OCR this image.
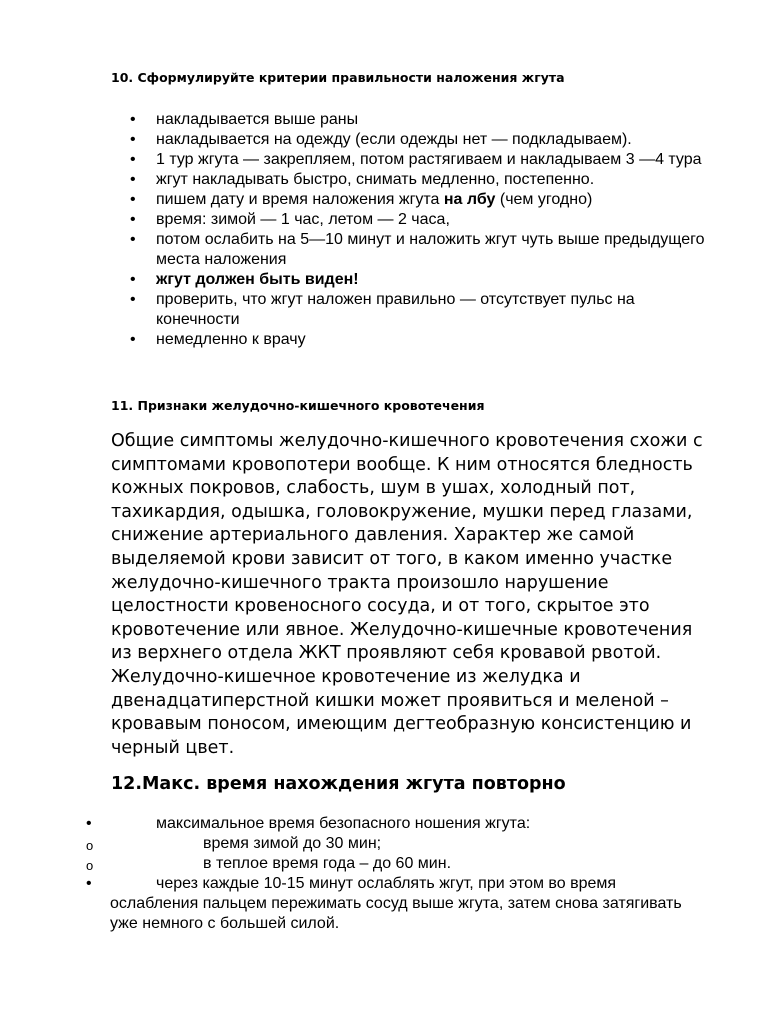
10. Сформулируйте критерии правильности наложения жгута
• накладывается выше раны
• накладывается на одежду (если одежды нет — подкладываем).
• 1 тур жгута — закрепляем, потом растягиваем и накладываем 3 —4 тура
• жгут накладывать быстро, снимать медленно, постепенно.
• пишем дату и время наложения жгута на лбу (чем угодно)
• время: зимой — 1 час, летом — 2 часа,
• потом ослабить на 5—10 минут и наложить жгут чуть выше предыдущего места наложения
• жгут должен быть виден!
• проверить, что жгут наложен правильно — отсутствует пульс на конечности
• немедленно к врачу
11. Признаки желудочно-кишечного кровотечения

Общие симптомы желудочно-кишечного кровотечения схожи с симптомами кровопотери вообще. К ним относятся бледность кожных покровов, слабость, шум в ушах, холодный пот, тахикардия, одышка, головокружение, мушки перед глазами, снижение артериального давления. Характер же самой выделяемой крови зависит от того, в каком именно участке желудочно-кишечного тракта произошло нарушение целостности кровеносного сосуда, и от того, скрытое это кровотечение или явное. Желудочно-кишечные кровотечения из верхнего отдела ЖКТ проявляют себя кровавой рвотой. Желудочно-кишечное кровотечение из желудка и двенадцатиперстной кишки может проявиться и меленой – кровавым поносом, имеющим дегтеобразную консистенцию и черный цвет.

12.Макс. время нахождения жгута повторно
•	максимальное время безопасного ношения жгута:
o	время зимой до 30 мин;
o	в теплое время года – до 60 мин.
•	через каждые 10-15 минут ослаблять жгут, при этом во время ослабления пальцем пережимать сосуд выше жгута, затем снова затягивать уже немного с большей силой.
